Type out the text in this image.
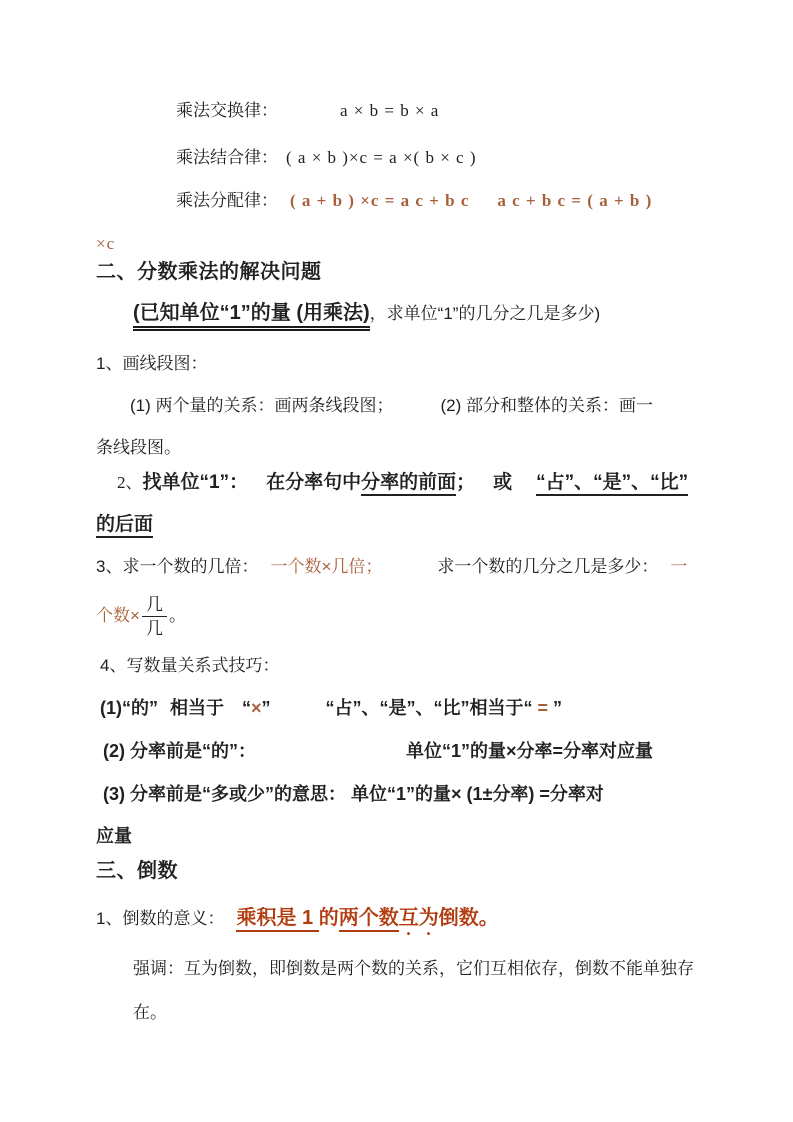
乘法交换律：	a × b = b × a
乘法结合律： ( a × b )×c = a ×( b × c )
乘法分配律： ( a + b ) ×c = a c + b c a c + b c = ( a + b )
×c
二、分数乘法的解决问题
(已知单位“1”的量 (用乘法)，求单位“1”的几分之几是多少)
1、画线段图：
(1) 两个量的关系：画两条线段图；	(2) 部分和整体的关系：画一
条线段图。
2、找单位“1”： 在分率句中分率的前面； 或 “占”、“是”、“比”
的后面
3、求一个数的几倍： 一个数×几倍；	求一个数的几分之几是多少： 一
个数× $\frac{\text{几}}{\text{几}}$ 。
4、写数量关系式技巧：
(1)“的” 相当于 “×”	“占”、“是”、“比”相当于“ = ”
(2) 分率前是“的”：	单位“1”的量×分率=分率对应量
(3) 分率前是“多或少”的意思： 单位“1”的量× (1±分率) =分率对
应量
三、倒数
1、倒数的意义： 乘积是 1 的两个数互为倒数。
强调：互为倒数，即倒数是两个数的关系，它们互相依存，倒数不能单独存
在。
